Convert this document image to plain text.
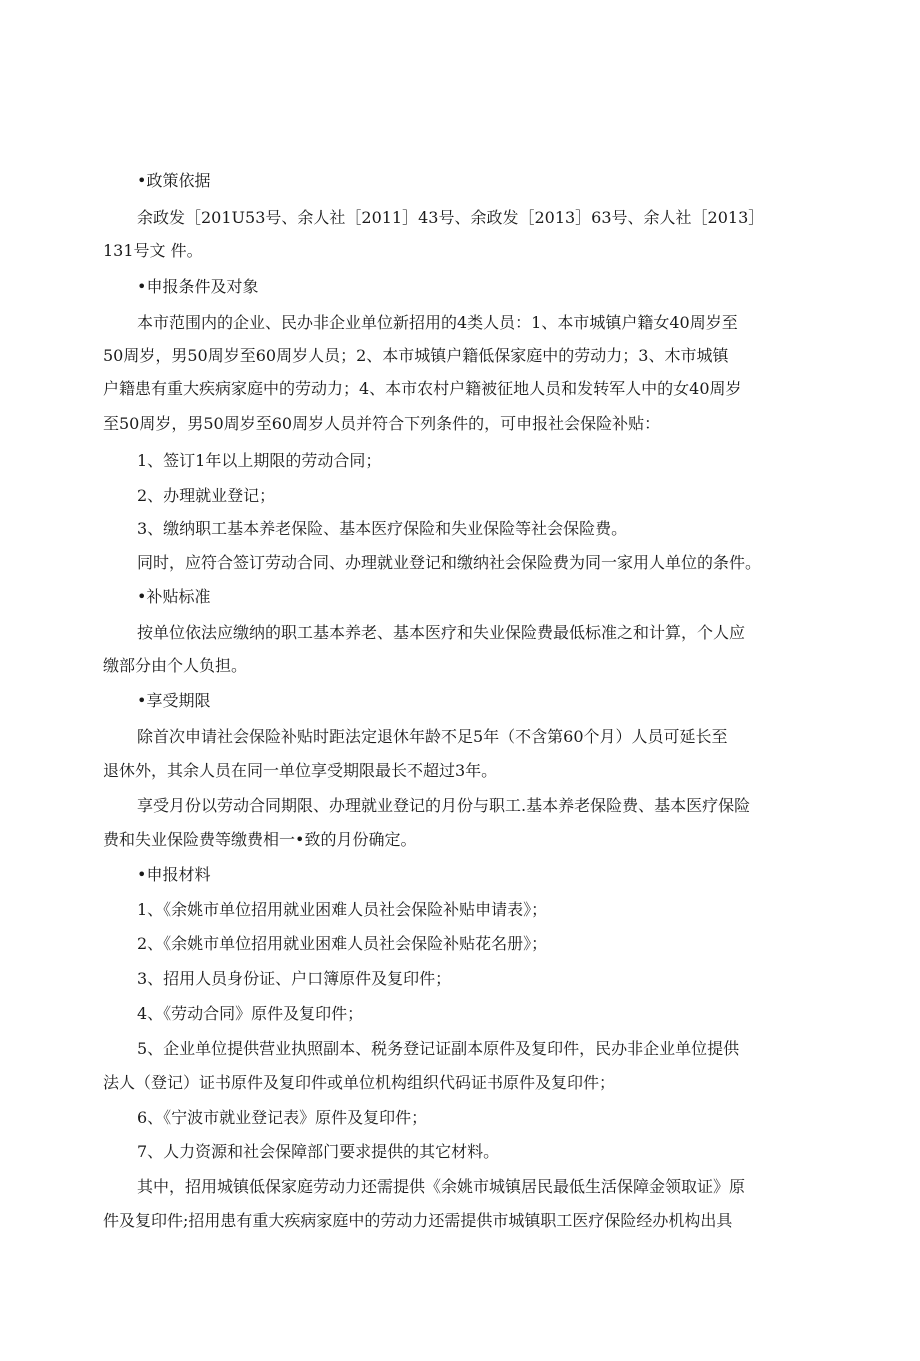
•政策依据
余政发［201U53号、余人社［2011］43号、余政发［2013］63号、余人社［2013］
131号文 件。
•申报条件及对象
本市范围内的企业、民办非企业单位新招用的4类人员：1、本市城镇户籍女40周岁至
50周岁，男50周岁至60周岁人员；2、本市城镇户籍低保家庭中的劳动力；3、木市城镇
户籍患有重大疾病家庭中的劳动力；4、本市农村户籍被征地人员和发转军人中的女40周岁
至50周岁，男50周岁至60周岁人员并符合下列条件的，可申报社会保险补贴：
1、签订1年以上期限的劳动合同；
2、办理就业登记；
3、缴纳职工基本养老保险、基本医疗保险和失业保险等社会保险费。
同时，应符合签订劳动合同、办理就业登记和缴纳社会保险费为同一家用人单位的条件。
•补贴标准
按单位依法应缴纳的职工基本养老、基本医疗和失业保险费最低标准之和计算，个人应
缴部分由个人负担。
•享受期限
除首次申请社会保险补贴时距法定退休年龄不足5年（不含第60个月）人员可延长至
退休外，其余人员在同一单位享受期限最长不超过3年。
享受月份以劳动合同期限、办理就业登记的月份与职工.基本养老保险费、基本医疗保险
费和失业保险费等缴费相一•致的月份确定。
•申报材料
1、《余姚市单位招用就业困难人员社会保险补贴申请表》；
2、《余姚市单位招用就业困难人员社会保险补贴花名册》；
3、招用人员身份证、户口簿原件及复印件；
4、《劳动合同》原件及复印件；
5、企业单位提供营业执照副本、税务登记证副本原件及复印件，民办非企业单位提供
法人（登记）证书原件及复印件或单位机构组织代码证书原件及复印件；
6、《宁波市就业登记表》原件及复印件；
7、人力资源和社会保障部门要求提供的其它材料。
其中，招用城镇低保家庭劳动力还需提供《余姚市城镇居民最低生活保障金领取证》原
件及复印件;招用患有重大疾病家庭中的劳动力还需提供市城镇职工医疗保险经办机构出具
